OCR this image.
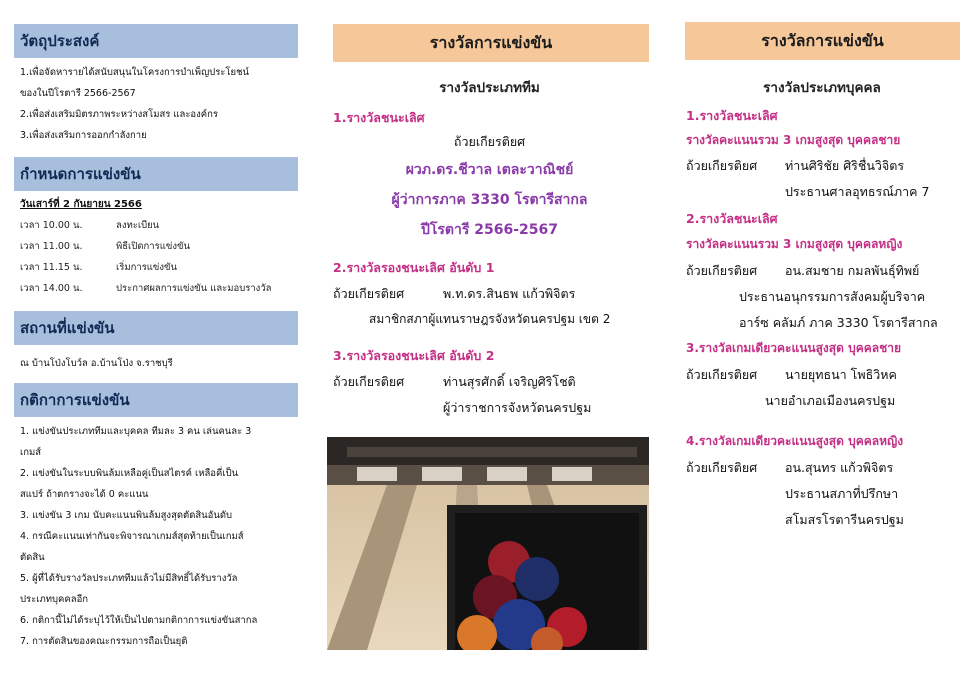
วัตถุประสงค์

1.เพื่อจัดหารายได้สนับสนุนในโครงการบำเพ็ญประโยชน์

ของในปีโรตารี 2566-2567

2.เพื่อส่งเสริมมิตรภาพระหว่างสโมสร และองค์กร

3.เพื่อส่งเสริมการออกกำลังกาย

กำหนดการแข่งขัน

วันเสาร์ที่ 2 กันยายน 2566

เวลา 10.00 น.	ลงทะเบียน
เวลา 11.00 น.	พิธีเปิดการแข่งขัน
เวลา 11.15 น.	เริ่มการแข่งขัน
เวลา 14.00 น.	ประกาศผลการแข่งขัน และมอบรางวัล
สถานที่แข่งขัน

ณ บ้านโป่งโบว์ล อ.บ้านโป่ง จ.ราชบุรี

กติกาการแข่งขัน

1. แข่งขันประเภททีมและบุคคล ทีมละ 3 คน เล่นคนละ 3

เกมส์

2. แข่งขันในระบบพินล้มเหลือคู่เป็นสไตรค์ เหลือคี่เป็น

สแปร์ ถ้าตกรางจะได้ 0 คะแนน

3. แข่งขัน 3 เกม นับคะแนนพินล้มสูงสุดตัดสินอันดับ

4. กรณีคะแนนเท่ากันจะพิจารณาเกมส์สุดท้ายเป็นเกมส์

ตัดสิน

5. ผู้ที่ได้รับรางวัลประเภททีมแล้วไม่มีสิทธิ์ได้รับรางวัล

ประเภทบุคคลอีก

6. กติกานี้ไม่ได้ระบุไว้ให้เป็นไปตามกติกาการแข่งขันสากล

7. การตัดสินของคณะกรรมการถือเป็นยุติ

รางวัลการแข่งขัน
รางวัลประเภททีม
1.รางวัลชนะเลิศ
ถ้วยเกียรติยศ
ผวภ.ดร.ชีวาล เตละวาณิชย์
ผู้ว่าการภาค 3330 โรตารีสากล
ปีโรตารี 2566-2567
2.รางวัลรองชนะเลิศ อันดับ 1
ถ้วยเกียรติยศ	พ.ท.ดร.สินธพ แก้วพิจิตร
สมาชิกสภาผู้แทนราษฎรจังหวัดนครปฐม เขต 2
3.รางวัลรองชนะเลิศ อันดับ 2
ถ้วยเกียรติยศ	ท่านสุรศักดิ์ เจริญศิริโชติ
ผู้ว่าราชการจังหวัดนครปฐม
รางวัลการแข่งขัน
รางวัลประเภทบุคคล
1.รางวัลชนะเลิศ
รางวัลคะแนนรวม 3 เกมสูงสุด บุคคลชาย
ถ้วยเกียรติยศ ท่านศิริชัย ศิริชื่นวิจิตร
ประธานศาลอุทธรณ์ภาค 7
2.รางวัลชนะเลิศ
รางวัลคะแนนรวม 3 เกมสูงสุด บุคคลหญิง
ถ้วยเกียรติยศ อน.สมชาย กมลพันธุ์ทิพย์
ประธานอนุกรรมการสังคมผู้บริจาค
อาร์ซ คลัมภ์ ภาค 3330 โรตารีสากล
3.รางวัลเกมเดียวคะแนนสูงสุด บุคคลชาย
ถ้วยเกียรติยศ นายยุทธนา โพธิวิหค
นายอำเภอเมืองนครปฐม
4.รางวัลเกมเดียวคะแนนสูงสุด บุคคลหญิง
ถ้วยเกียรติยศ อน.สุนทร แก้วพิจิตร
ประธานสภาที่ปรึกษา
สโมสรโรตารีนครปฐม
